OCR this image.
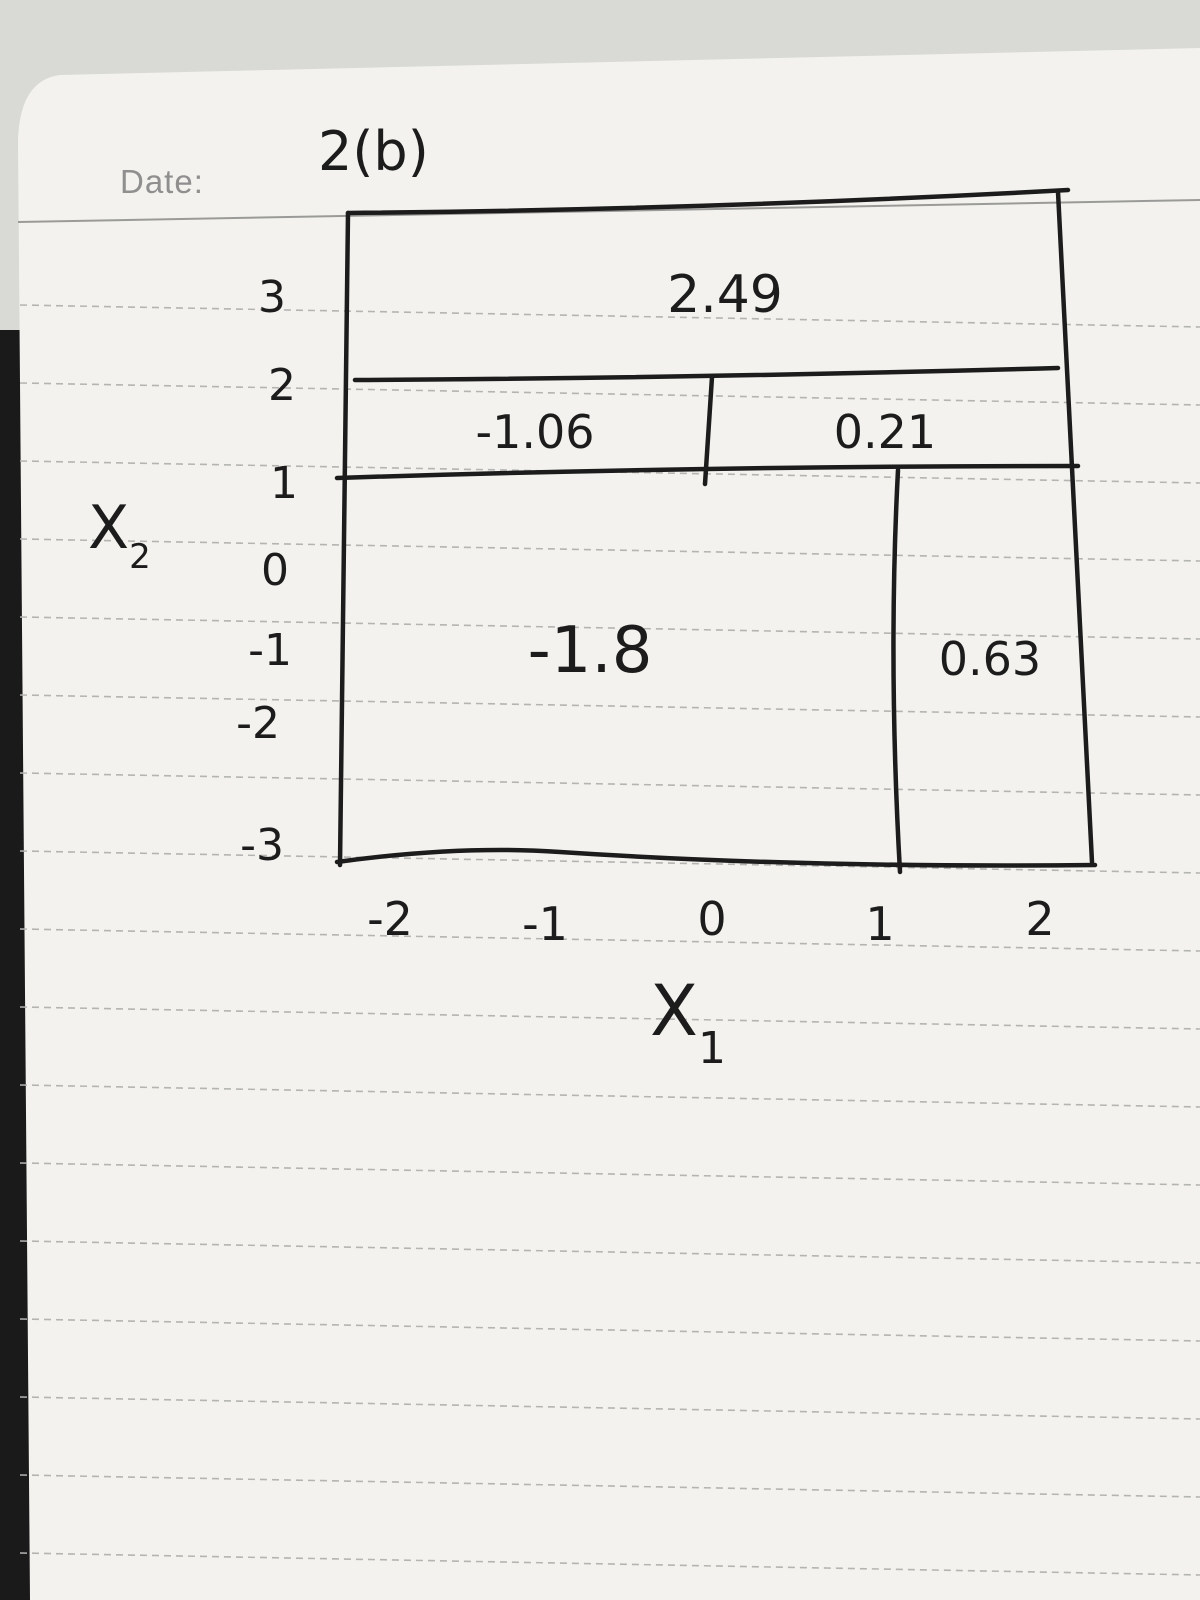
2(b)
2.49
-1.06	0.21
-1.8	0.63
3
2
1
0
-1
-2
-3
-2 -1	0	1	2
$X_1$
$X_2$
Date:
